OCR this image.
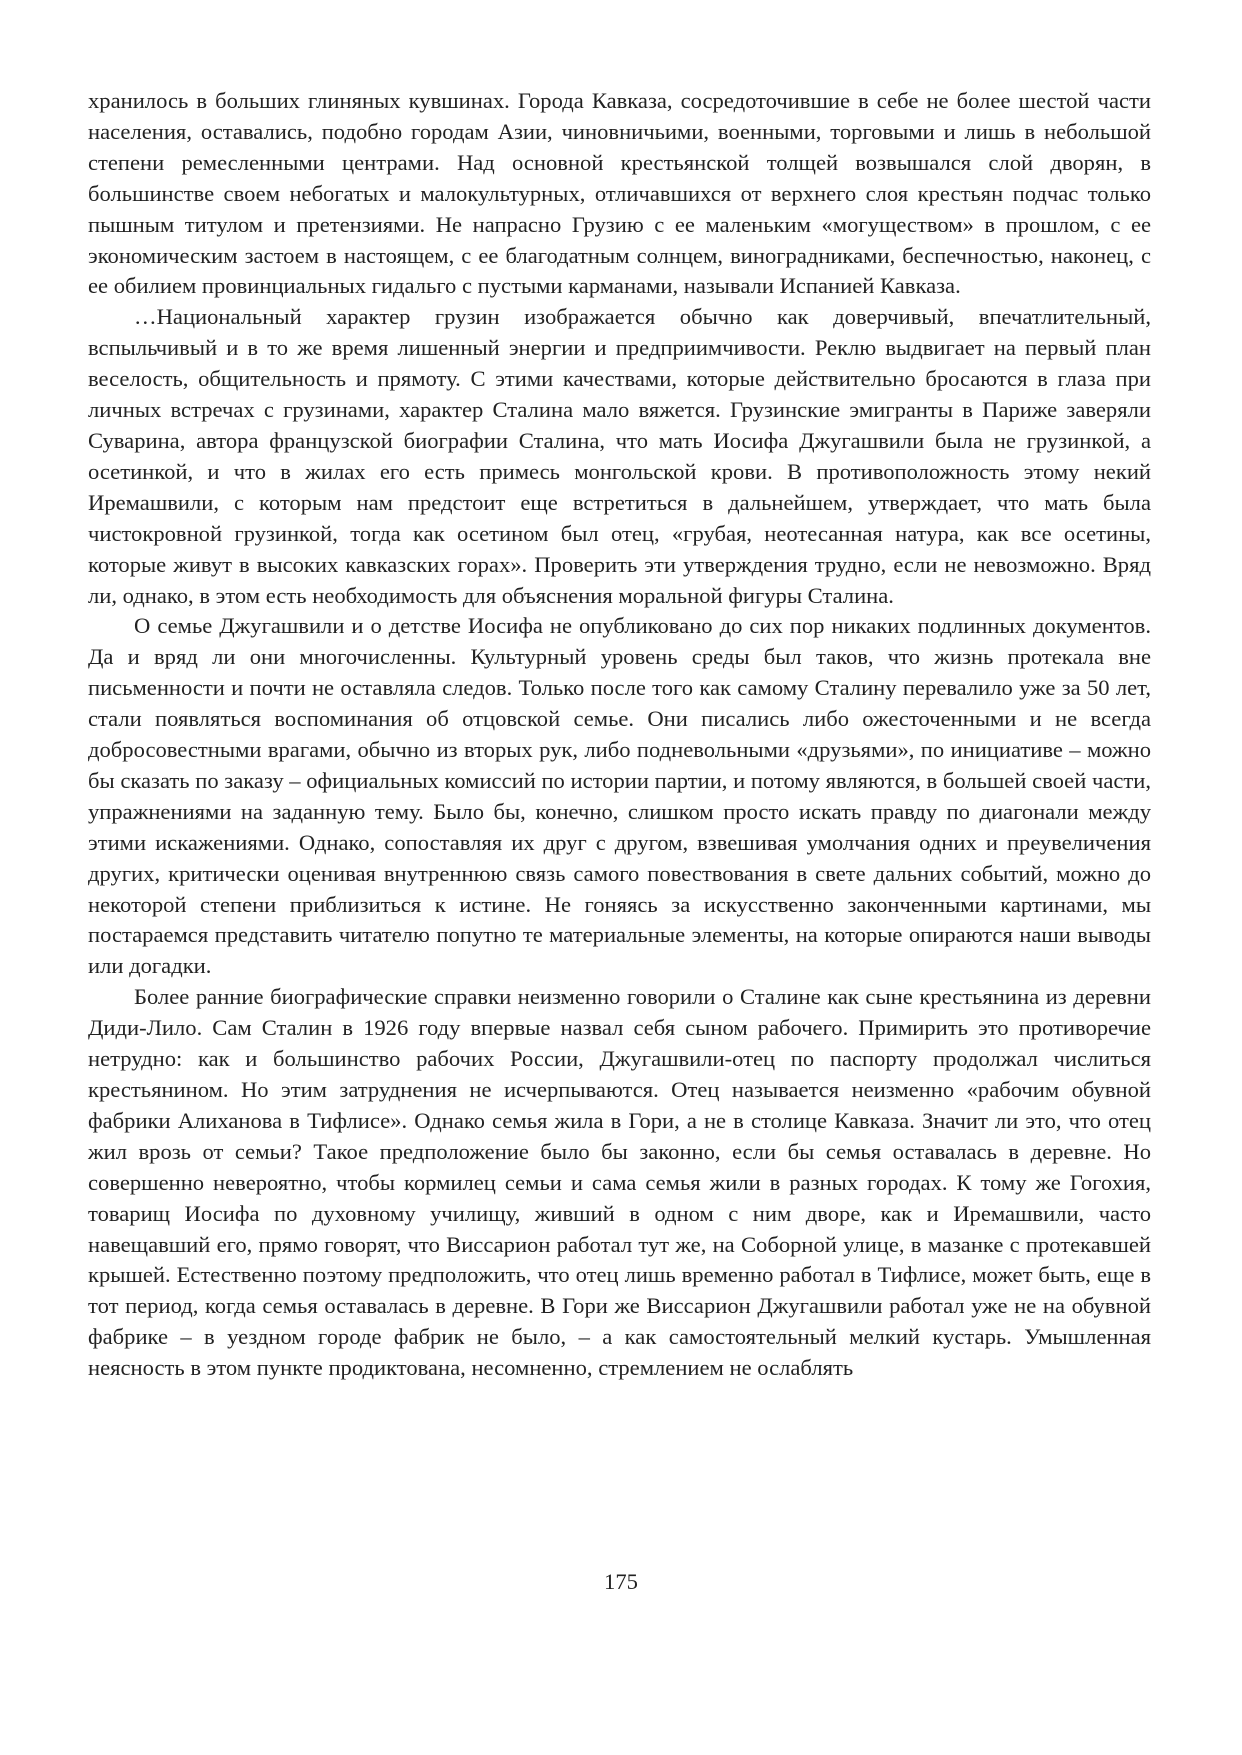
хранилось в больших глиняных кувшинах. Города Кавказа, сосредоточившие в себе не более шестой части населения, оставались, подобно городам Азии, чиновничьими, военными, торговыми и лишь в небольшой степени ремесленными центрами. Над основной крестьянской толщей возвышался слой дворян, в большинстве своем небогатых и малокультурных, отличавшихся от верхнего слоя крестьян подчас только пышным титулом и претензиями. Не напрасно Грузию с ее маленьким «могуществом» в прошлом, с ее экономическим застоем в настоящем, с ее благодатным солнцем, виноградниками, беспечностью, наконец, с ее обилием провинциальных гидальго с пустыми карманами, называли Испанией Кавказа.

…Национальный характер грузин изображается обычно как доверчивый, впечатлительный, вспыльчивый и в то же время лишенный энергии и предприимчивости. Реклю выдвигает на первый план веселость, общительность и прямоту. С этими качествами, которые действительно бросаются в глаза при личных встречах с грузинами, характер Сталина мало вяжется. Грузинские эмигранты в Париже заверяли Суварина, автора французской биографии Сталина, что мать Иосифа Джугашвили была не грузинкой, а осетинкой, и что в жилах его есть примесь монгольской крови. В противоположность этому некий Иремашвили, с которым нам предстоит еще встретиться в дальнейшем, утверждает, что мать была чистокровной грузинкой, тогда как осетином был отец, «грубая, неотесанная натура, как все осетины, которые живут в высоких кавказских горах». Проверить эти утверждения трудно, если не невозможно. Вряд ли, однако, в этом есть необходимость для объяснения моральной фигуры Сталина.

О семье Джугашвили и о детстве Иосифа не опубликовано до сих пор никаких подлинных документов. Да и вряд ли они многочисленны. Культурный уровень среды был таков, что жизнь протекала вне письменности и почти не оставляла следов. Только после того как самому Сталину перевалило уже за 50 лет, стали появляться воспоминания об отцовской семье. Они писались либо ожесточенными и не всегда добросовестными врагами, обычно из вторых рук, либо подневольными «друзьями», по инициативе – можно бы сказать по заказу – официальных комиссий по истории партии, и потому являются, в большей своей части, упражнениями на заданную тему. Было бы, конечно, слишком просто искать правду по диагонали между этими искажениями. Однако, сопоставляя их друг с другом, взвешивая умолчания одних и преувеличения других, критически оценивая внутреннюю связь самого повествования в свете дальних событий, можно до некоторой степени приблизиться к истине. Не гоняясь за искусственно законченными картинами, мы постараемся представить читателю попутно те материальные элементы, на которые опираются наши выводы или догадки.

Более ранние биографические справки неизменно говорили о Сталине как сыне крестьянина из деревни Диди-Лило. Сам Сталин в 1926 году впервые назвал себя сыном рабочего. Примирить это противоречие нетрудно: как и большинство рабочих России, Джугашвили-отец по паспорту продолжал числиться крестьянином. Но этим затруднения не исчерпываются. Отец называется неизменно «рабочим обувной фабрики Алиханова в Тифлисе». Однако семья жила в Гори, а не в столице Кавказа. Значит ли это, что отец жил врозь от семьи? Такое предположение было бы законно, если бы семья оставалась в деревне. Но совершенно невероятно, чтобы кормилец семьи и сама семья жили в разных городах. К тому же Гогохия, товарищ Иосифа по духовному училищу, живший в одном с ним дворе, как и Иремашвили, часто навещавший его, прямо говорят, что Виссарион работал тут же, на Соборной улице, в мазанке с протекавшей крышей. Естественно поэтому предположить, что отец лишь временно работал в Тифлисе, может быть, еще в тот период, когда семья оставалась в деревне. В Гори же Виссарион Джугашвили работал уже не на обувной фабрике – в уездном городе фабрик не было, – а как самостоятельный мелкий кустарь. Умышленная неясность в этом пункте продиктована, несомненно, стремлением не ослаблять

175
